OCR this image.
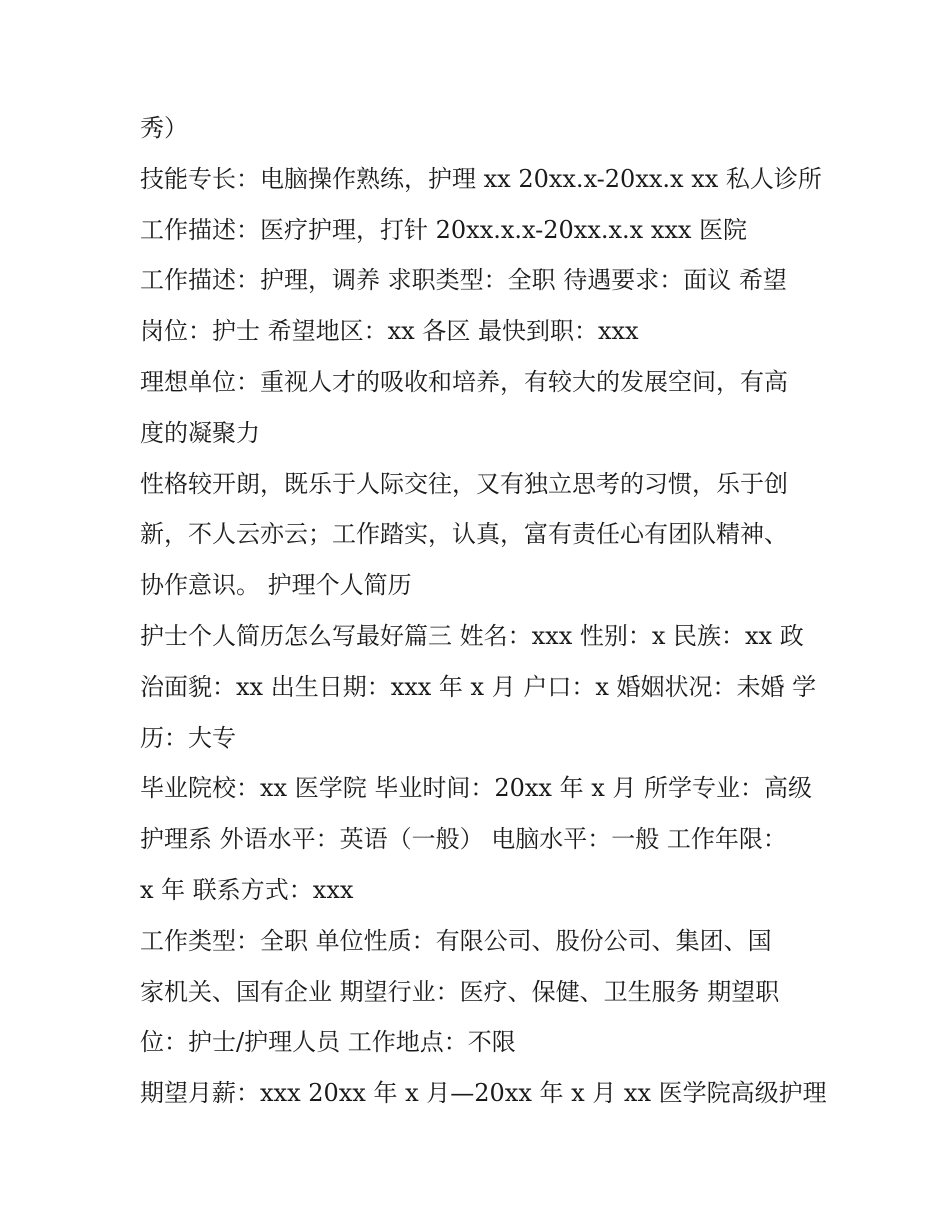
秀）
技能专长：电脑操作熟练，护理 xx 20xx.x-20xx.x xx 私人诊所
工作描述：医疗护理，打针 20xx.x.x-20xx.x.x xxx 医院
工作描述：护理，调养 求职类型：全职 待遇要求：面议 希望
岗位：护士 希望地区：xx 各区 最快到职：xxx
理想单位：重视人才的吸收和培养，有较大的发展空间，有高
度的凝聚力
性格较开朗，既乐于人际交往，又有独立思考的习惯，乐于创
新，不人云亦云；工作踏实，认真，富有责任心有团队精神、
协作意识。 护理个人简历
护士个人简历怎么写最好篇三 姓名：xxx 性别：x 民族：xx 政
治面貌：xx 出生日期：xxx 年 x 月 户口：x 婚姻状况：未婚 学
历：大专
毕业院校：xx 医学院 毕业时间：20xx 年 x 月 所学专业：高级
护理系 外语水平：英语（一般） 电脑水平：一般 工作年限：
x 年 联系方式：xxx
工作类型：全职 单位性质：有限公司、股份公司、集团、国
家机关、国有企业 期望行业：医疗、保健、卫生服务 期望职
位：护士/护理人员 工作地点：不限
期望月薪：xxx 20xx 年 x 月—20xx 年 x 月 xx 医学院高级护理
